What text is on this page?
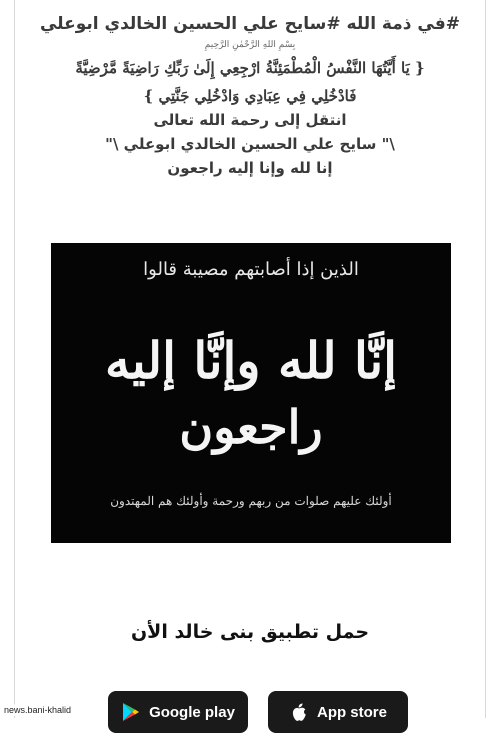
#في ذمة الله #سايح علي الحسين الخالدي ابوعلي

بِسْمِ اللهِ الرَّحْمٰنِ الرَّحِيمِ

{ يَا أَيَّتُهَا النَّفْسُ الْمُطْمَئِنَّةُ ارْجِعِي إِلَىٰ رَبِّكِ رَاضِيَةً مَّرْضِيَّةً

فَادْخُلِي فِي عِبَادِي وَادْخُلِي جَنَّتِي }

انتقل إلى رحمة الله تعالى

\" سايح علي الحسين الخالدي ابوعلي \"

إنا لله وإنا إليه راجعون

الذين إذا أصابتهم مصيبة قالوا
إنَّا لله وإنَّا إليه
راجعون
أولئك عليهم صلوات من ربهم ورحمة وأولئك هم المهتدون

حمل تطبيق بنى خالد الأن

Google play	App store
news.bani-khalid
